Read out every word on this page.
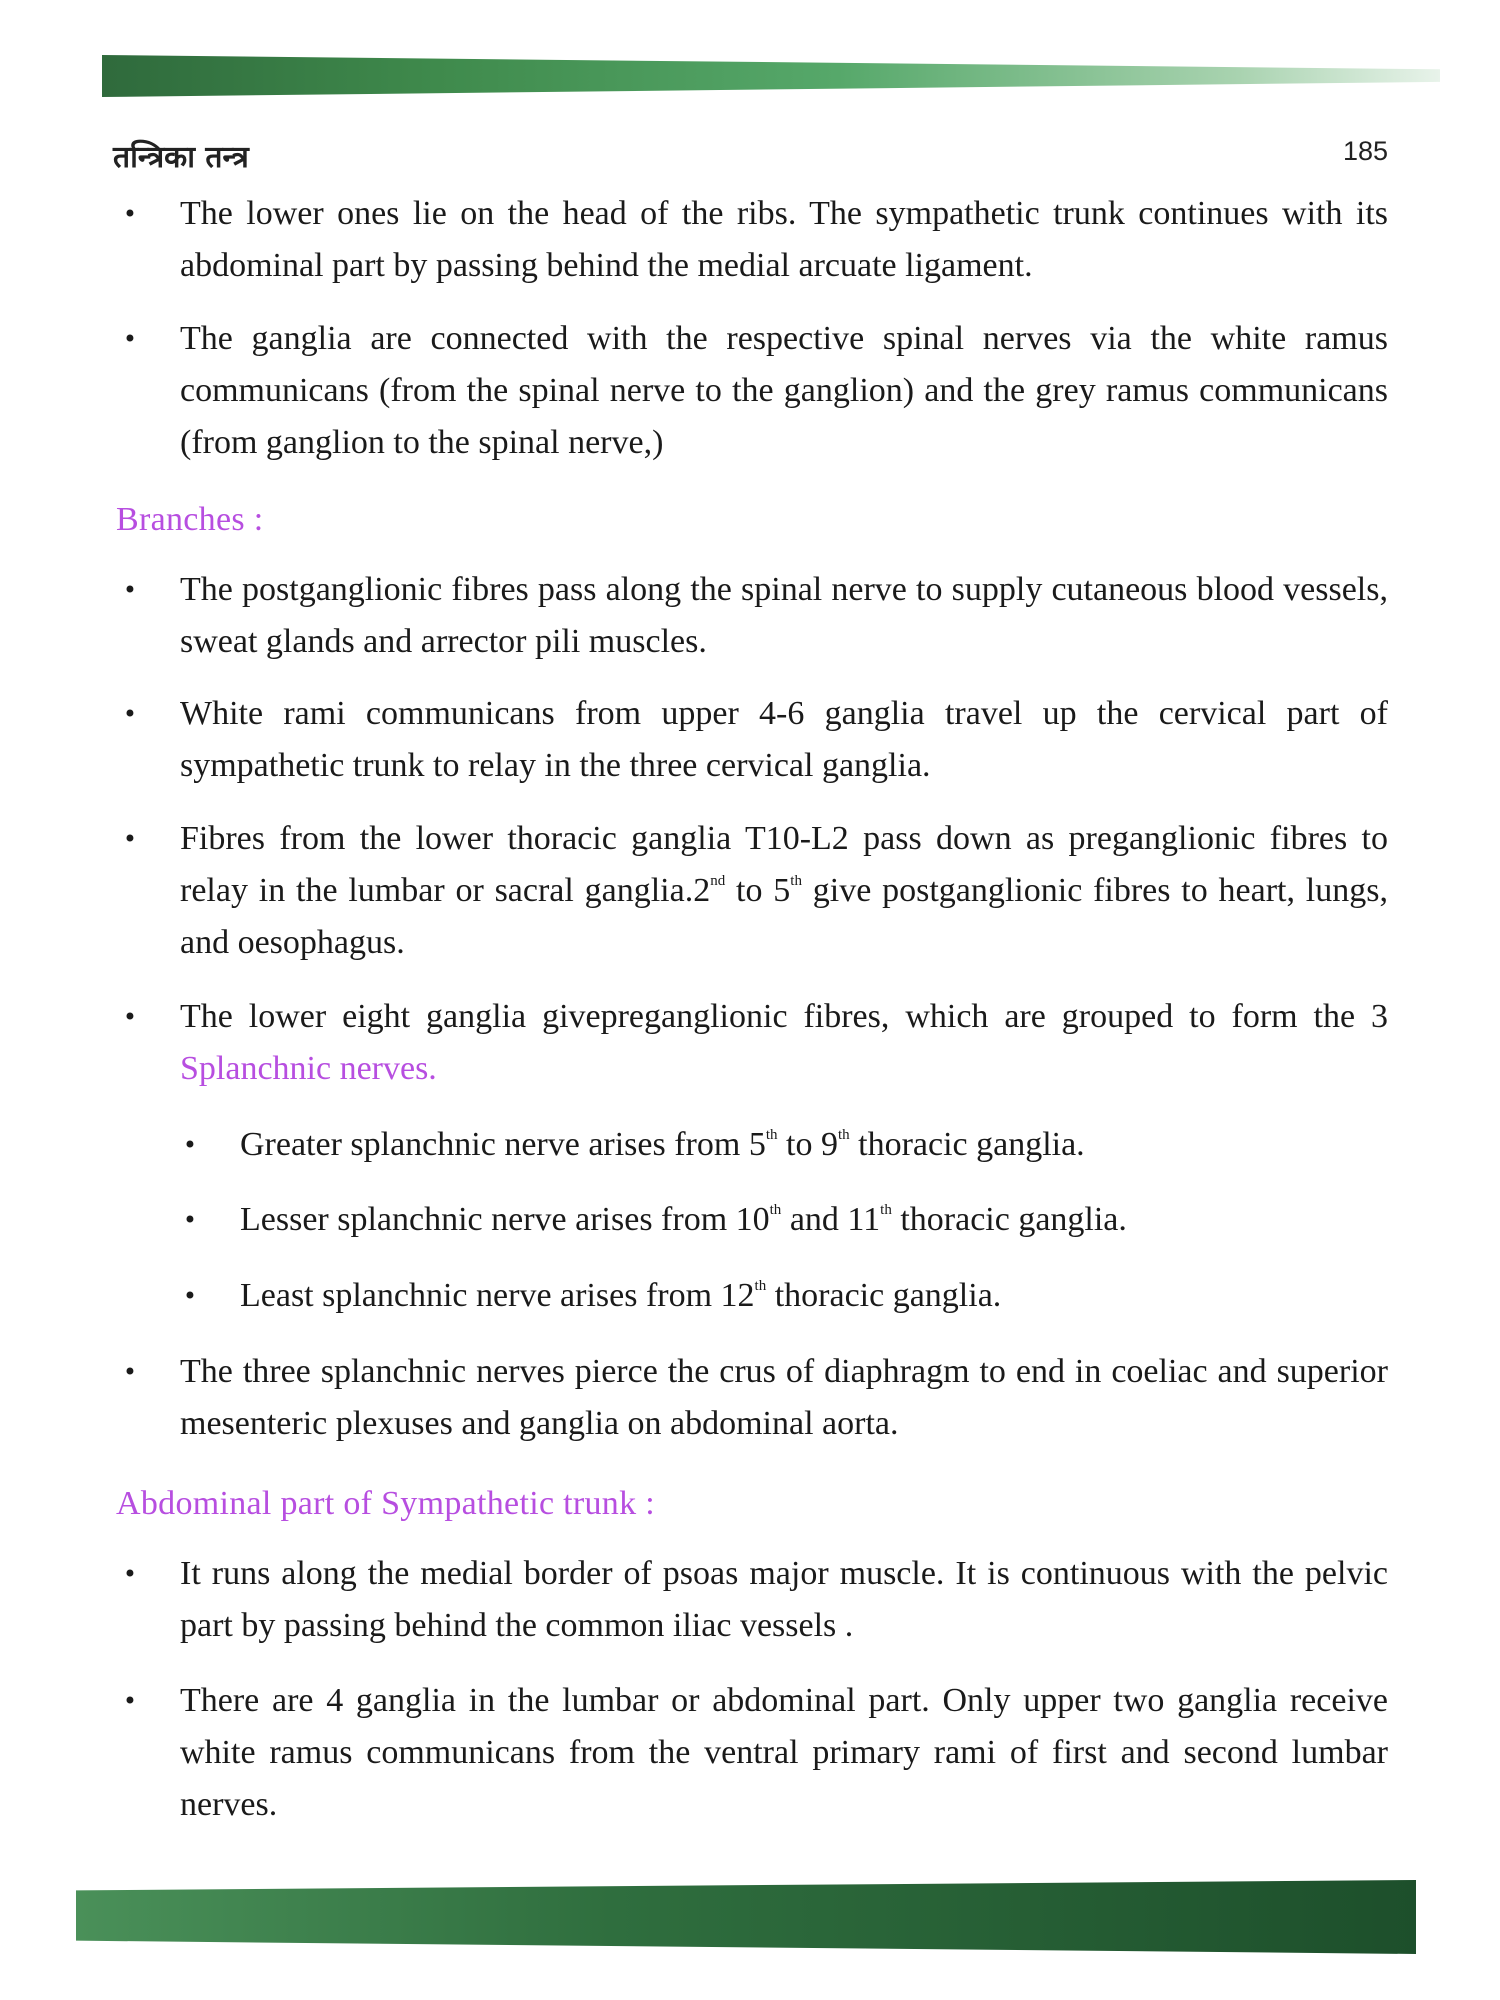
तन्त्रिका तन्त्र	185
• The lower ones lie on the head of the ribs. The sympathetic trunk continues with its abdominal part by passing behind the medial arcuate ligament.
• The ganglia are connected with the respective spinal nerves via the white ramus communicans (from the spinal nerve to the ganglion) and the grey ramus communicans (from ganglion to the spinal nerve,)
Branches :
• The postganglionic fibres pass along the spinal nerve to supply cutaneous blood vessels, sweat glands and arrector pili muscles.
• White rami communicans from upper 4-6 ganglia travel up the cervical part of sympathetic trunk to relay in the three cervical ganglia.
• Fibres from the lower thoracic ganglia T10-L2 pass down as preganglionic fibres to relay in the lumbar or sacral ganglia.2nd to 5th give postganglionic fibres to heart, lungs, and oesophagus.
• The lower eight ganglia givepreganglionic fibres, which are grouped to form the 3 Splanchnic nerves.
• Greater splanchnic nerve arises from 5th to 9th thoracic ganglia.
• Lesser splanchnic nerve arises from 10th and 11th thoracic ganglia.
• Least splanchnic nerve arises from 12th thoracic ganglia.
• The three splanchnic nerves pierce the crus of diaphragm to end in coeliac and superior mesenteric plexuses and ganglia on abdominal aorta.
Abdominal part of Sympathetic trunk :
• It runs along the medial border of psoas major muscle. It is continuous with the pelvic part by passing behind the common iliac vessels .
• There are 4 ganglia in the lumbar or abdominal part. Only upper two ganglia receive white ramus communicans from the ventral primary rami of first and second lumbar nerves.
